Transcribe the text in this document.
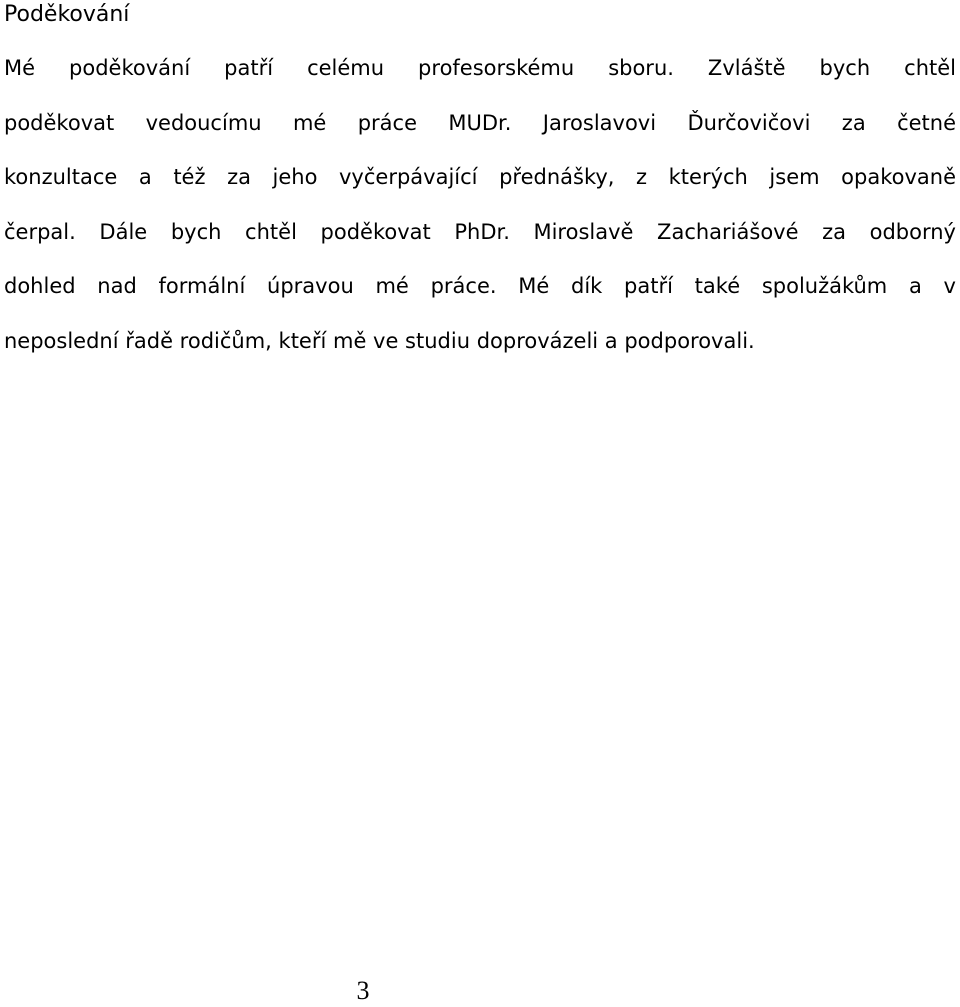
Poděkování
Mé poděkování patří celému profesorskému sboru. Zvláště bych chtěl
poděkovat vedoucímu mé práce MUDr. Jaroslavovi Ďurčovičovi za četné
konzultace a též za jeho vyčerpávající přednášky, z kterých jsem opakovaně
čerpal. Dále bych chtěl poděkovat PhDr. Miroslavě Zachariášové za odborný
dohled nad formální úpravou mé práce. Mé dík patří také spolužákům a v
neposlední řadě rodičům, kteří mě ve studiu doprovázeli a podporovali.
3
